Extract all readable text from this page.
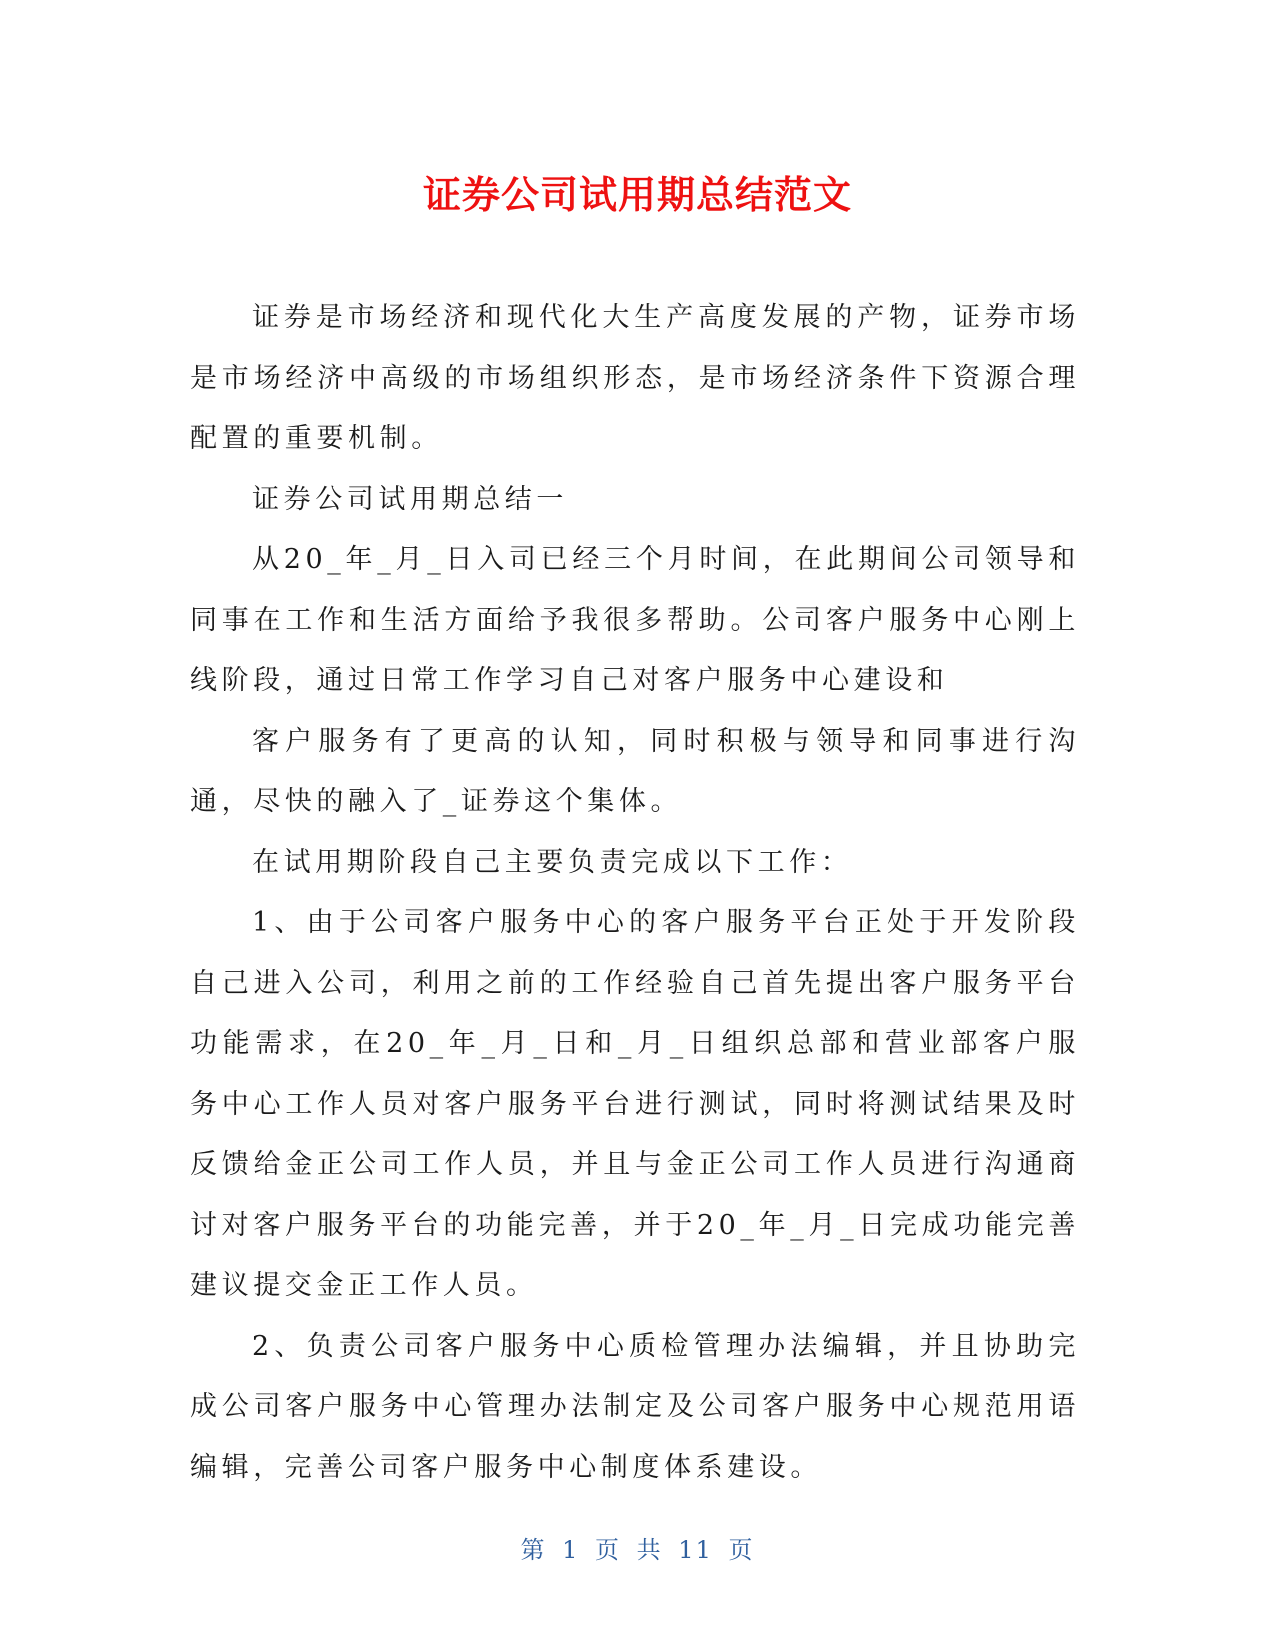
证券公司试用期总结范文

证券是市场经济和现代化大生产高度发展的产物，证券市场是市场经济中高级的市场组织形态，是市场经济条件下资源合理配置的重要机制。

证券公司试用期总结一

从20_年_月_日入司已经三个月时间，在此期间公司领导和同事在工作和生活方面给予我很多帮助。公司客户服务中心刚上线阶段，通过日常工作学习自己对客户服务中心建设和

客户服务有了更高的认知，同时积极与领导和同事进行沟通，尽快的融入了_证券这个集体。

在试用期阶段自己主要负责完成以下工作：

1、由于公司客户服务中心的客户服务平台正处于开发阶段自己进入公司，利用之前的工作经验自己首先提出客户服务平台功能需求，在20_年_月_日和_月_日组织总部和营业部客户服务中心工作人员对客户服务平台进行测试，同时将测试结果及时反馈给金正公司工作人员，并且与金正公司工作人员进行沟通商讨对客户服务平台的功能完善，并于20_年_月_日完成功能完善建议提交金正工作人员。

2、负责公司客户服务中心质检管理办法编辑，并且协助完成公司客户服务中心管理办法制定及公司客户服务中心规范用语编辑，完善公司客户服务中心制度体系建设。

第 1 页 共 11 页
